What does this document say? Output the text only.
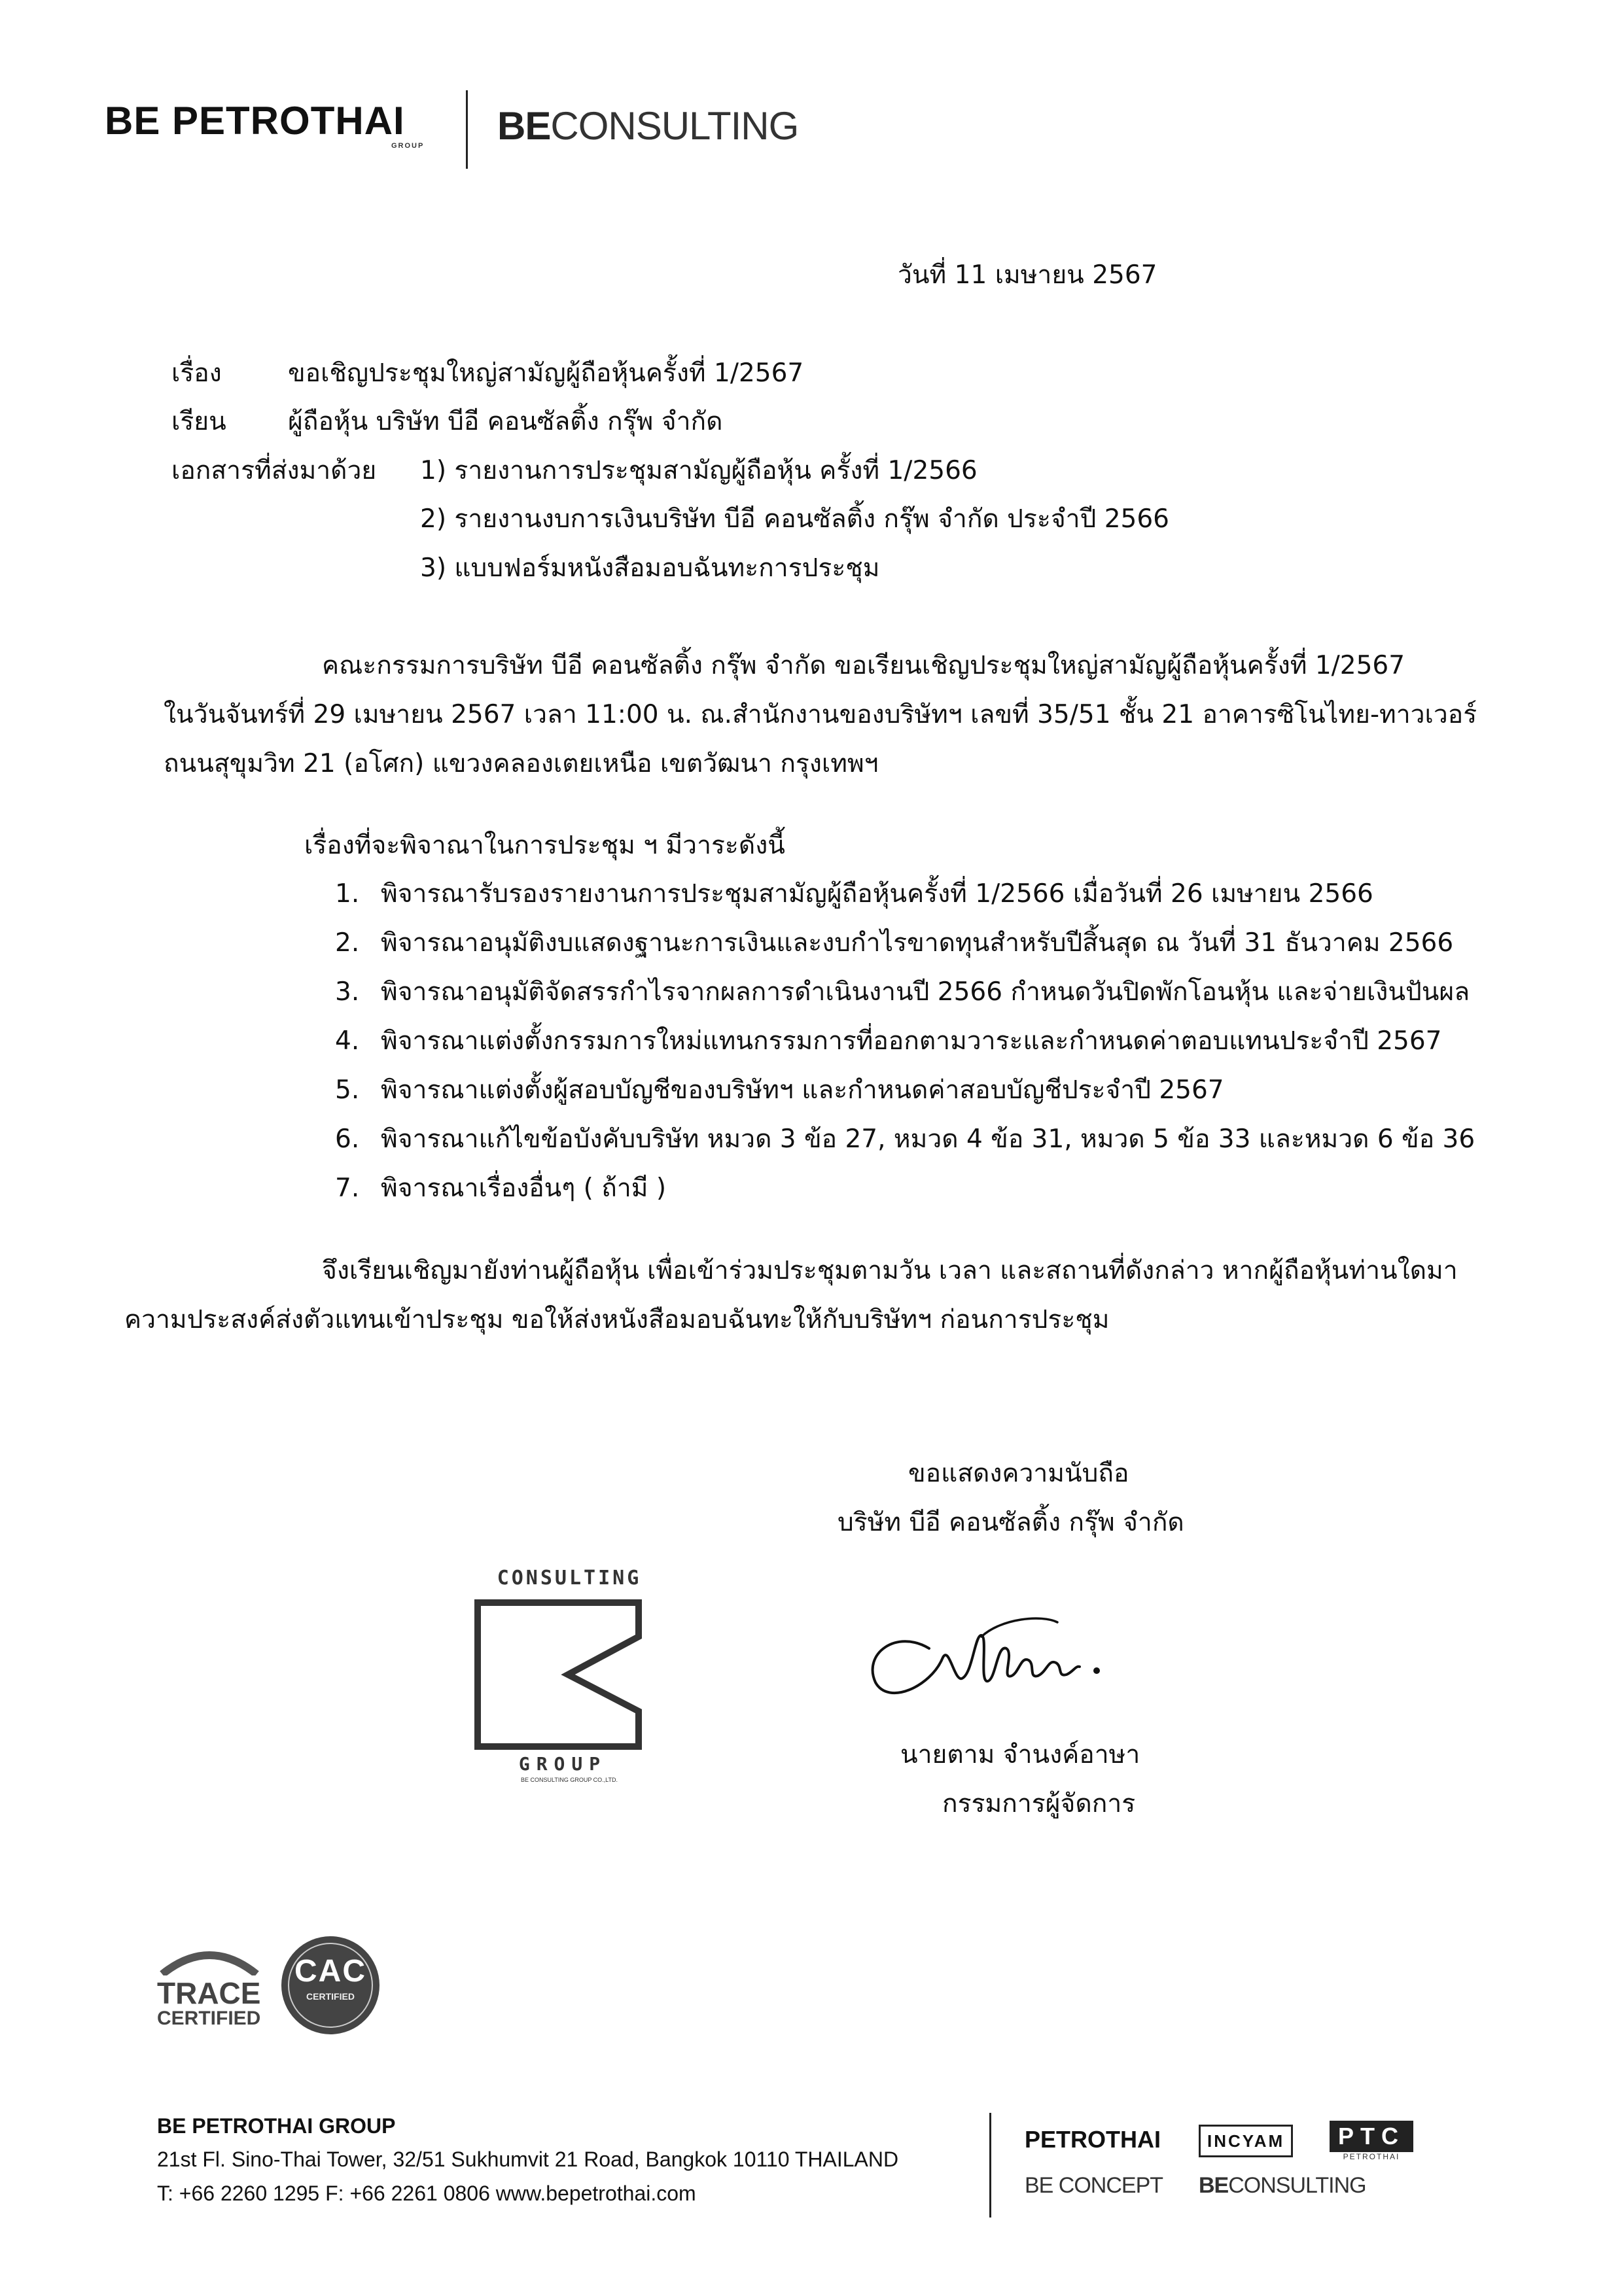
BE PETROTHAI
GROUP BECONSULTING
วันที่ 11 เมษายน 2567
เรื่อง	ขอเชิญประชุมใหญ่สามัญผู้ถือหุ้นครั้งที่ 1/2567
เรียน ผู้ถือหุ้น บริษัท บีอี คอนซัลติ้ง กรุ๊พ จำกัด
เอกสารที่ส่งมาด้วย 1) รายงานการประชุมสามัญผู้ถือหุ้น ครั้งที่ 1/2566
2) รายงานงบการเงินบริษัท บีอี คอนซัลติ้ง กรุ๊พ จำกัด ประจำปี 2566
3) แบบฟอร์มหนังสือมอบฉันทะการประชุม
คณะกรรมการบริษัท บีอี คอนซัลติ้ง กรุ๊พ จำกัด ขอเรียนเชิญประชุมใหญ่สามัญผู้ถือหุ้นครั้งที่ 1/2567
ในวันจันทร์ที่ 29 เมษายน 2567 เวลา 11:00 น. ณ.สำนักงานของบริษัทฯ เลขที่ 35/51 ชั้น 21 อาคารซิโนไทย-ทาวเวอร์
ถนนสุขุมวิท 21 (อโศก) แขวงคลองเตยเหนือ เขตวัฒนา กรุงเทพฯ
เรื่องที่จะพิจาณาในการประชุม ฯ มีวาระดังนี้
1. พิจารณารับรองรายงานการประชุมสามัญผู้ถือหุ้นครั้งที่ 1/2566 เมื่อวันที่ 26 เมษายน 2566
2. พิจารณาอนุมัติงบแสดงฐานะการเงินและงบกำไรขาดทุนสำหรับปีสิ้นสุด ณ วันที่ 31 ธันวาคม 2566
3. พิจารณาอนุมัติจัดสรรกำไรจากผลการดำเนินงานปี 2566 กำหนดวันปิดพักโอนหุ้น และจ่ายเงินปันผล
4. พิจารณาแต่งตั้งกรรมการใหม่แทนกรรมการที่ออกตามวาระและกำหนดค่าตอบแทนประจำปี 2567
5. พิจารณาแต่งตั้งผู้สอบบัญชีของบริษัทฯ และกำหนดค่าสอบบัญชีประจำปี 2567
6. พิจารณาแก้ไขข้อบังคับบริษัท หมวด 3 ข้อ 27, หมวด 4 ข้อ 31, หมวด 5 ข้อ 33 และหมวด 6 ข้อ 36
7. พิจารณาเรื่องอื่นๆ ( ถ้ามี )
จึงเรียนเชิญมายังท่านผู้ถือหุ้น เพื่อเข้าร่วมประชุมตามวัน เวลา และสถานที่ดังกล่าว หากผู้ถือหุ้นท่านใดมา
ความประสงค์ส่งตัวแทนเข้าประชุม ขอให้ส่งหนังสือมอบฉันทะให้กับบริษัทฯ ก่อนการประชุม
ขอแสดงความนับถือ
บริษัท บีอี คอนซัลติ้ง กรุ๊พ จำกัด
CONSULTING
GROUP
BE CONSULTING GROUP CO.,LTD.
นายตาม จำนงค์อาษา
กรรมการผู้จัดการ
TRACE
CERTIFIED
CAC
CERTIFIED
BE PETROTHAI GROUP
21st Fl. Sino-Thai Tower, 32/51 Sukhumvit 21 Road, Bangkok 10110 THAILAND
T: +66 2260 1295 F: +66 2261 0806 www.bepetrothai.com
PETROTHAI	INCYAM	PTC
PETROTHAI
BE CONCEPT BECONSULTING
